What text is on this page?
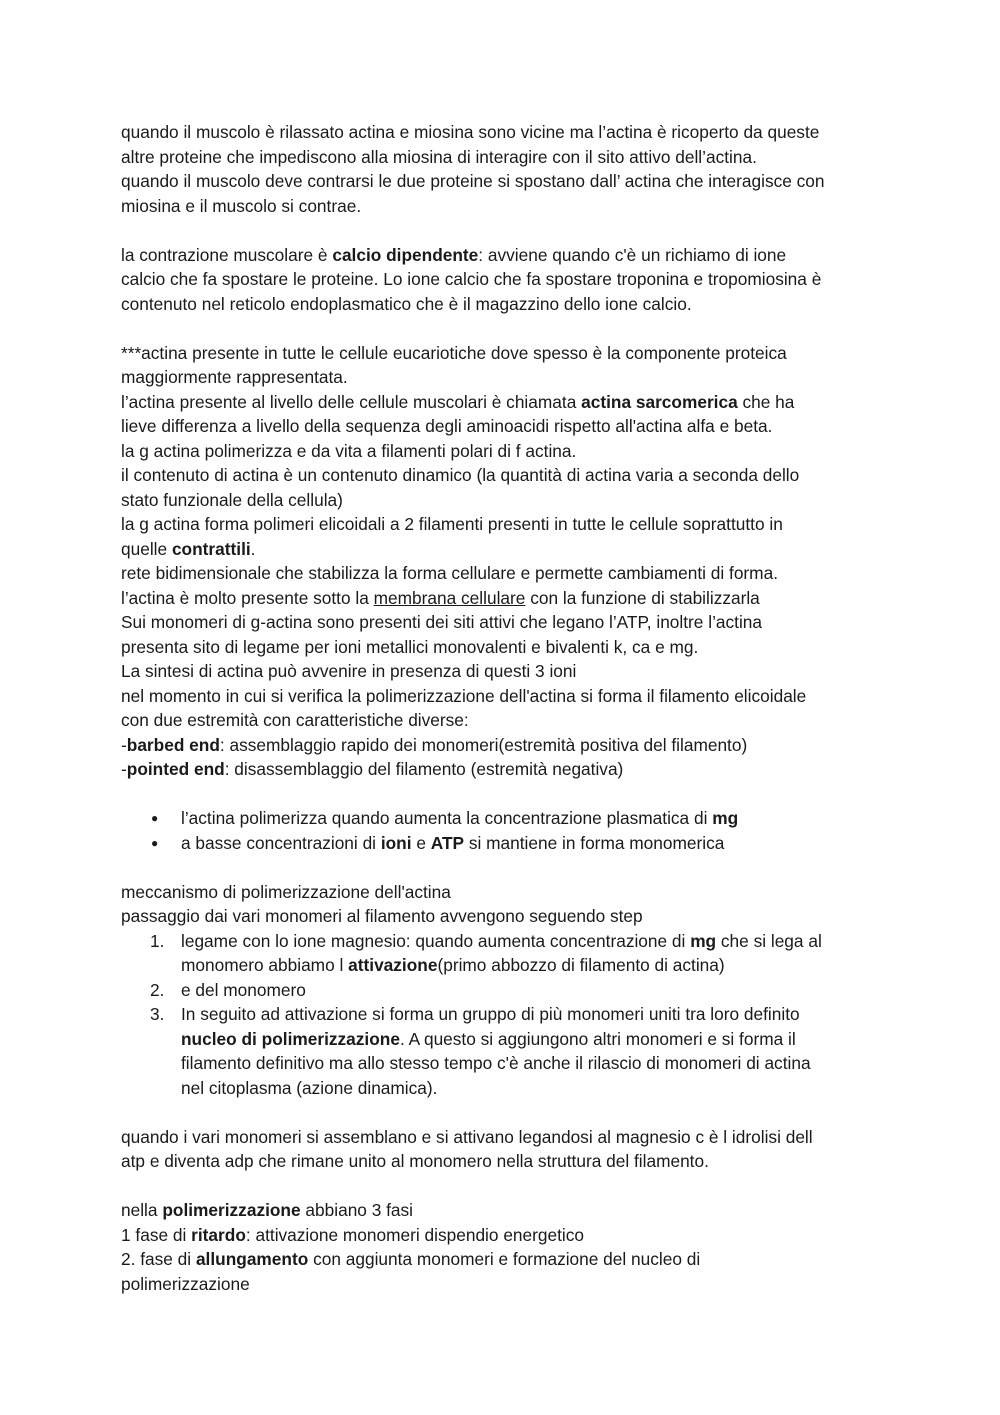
quando il muscolo è rilassato actina e miosina sono vicine ma l’actina è ricoperto da queste
altre proteine che impediscono alla miosina di interagire con il sito attivo dell’actina.
quando il muscolo deve contrarsi le due proteine si spostano dall’ actina che interagisce con
miosina e il muscolo si contrae.
la contrazione muscolare è calcio dipendente: avviene quando c'è un richiamo di ione
calcio che fa spostare le proteine. Lo ione calcio che fa spostare troponina e tropomiosina è
contenuto nel reticolo endoplasmatico che è il magazzino dello ione calcio.
***actina presente in tutte le cellule eucariotiche dove spesso è la componente proteica
maggiormente rappresentata.
l’actina presente al livello delle cellule muscolari è chiamata actina sarcomerica che ha
lieve differenza a livello della sequenza degli aminoacidi rispetto all'actina alfa e beta.
la g actina polimerizza e da vita a filamenti polari di f actina.
il contenuto di actina è un contenuto dinamico (la quantità di actina varia a seconda dello
stato funzionale della cellula)
la g actina forma polimeri elicoidali a 2 filamenti presenti in tutte le cellule soprattutto in
quelle contrattili.
rete bidimensionale che stabilizza la forma cellulare e permette cambiamenti di forma.
l’actina è molto presente sotto la membrana cellulare con la funzione di stabilizzarla
Sui monomeri di g-actina sono presenti dei siti attivi che legano l’ATP, inoltre l’actina
presenta sito di legame per ioni metallici monovalenti e bivalenti k, ca e mg.
La sintesi di actina può avvenire in presenza di questi 3 ioni
nel momento in cui si verifica la polimerizzazione dell'actina si forma il filamento elicoidale
con due estremità con caratteristiche diverse:
-barbed end: assemblaggio rapido dei monomeri(estremità positiva del filamento)
-pointed end: disassemblaggio del filamento (estremità negativa)
● l’actina polimerizza quando aumenta la concentrazione plasmatica di mg
● a basse concentrazioni di ioni e ATP si mantiene in forma monomerica
meccanismo di polimerizzazione dell'actina
passaggio dai vari monomeri al filamento avvengono seguendo step
1. legame con lo ione magnesio: quando aumenta concentrazione di mg che si lega al
monomero abbiamo l attivazione(primo abbozzo di filamento di actina)
2. e del monomero
3. In seguito ad attivazione si forma un gruppo di più monomeri uniti tra loro definito
nucleo di polimerizzazione. A questo si aggiungono altri monomeri e si forma il
filamento definitivo ma allo stesso tempo c'è anche il rilascio di monomeri di actina
nel citoplasma (azione dinamica).
quando i vari monomeri si assemblano e si attivano legandosi al magnesio c è l idrolisi dell
atp e diventa adp che rimane unito al monomero nella struttura del filamento.
nella polimerizzazione abbiano 3 fasi
1 fase di ritardo: attivazione monomeri dispendio energetico
2. fase di allungamento con aggiunta monomeri e formazione del nucleo di
polimerizzazione
